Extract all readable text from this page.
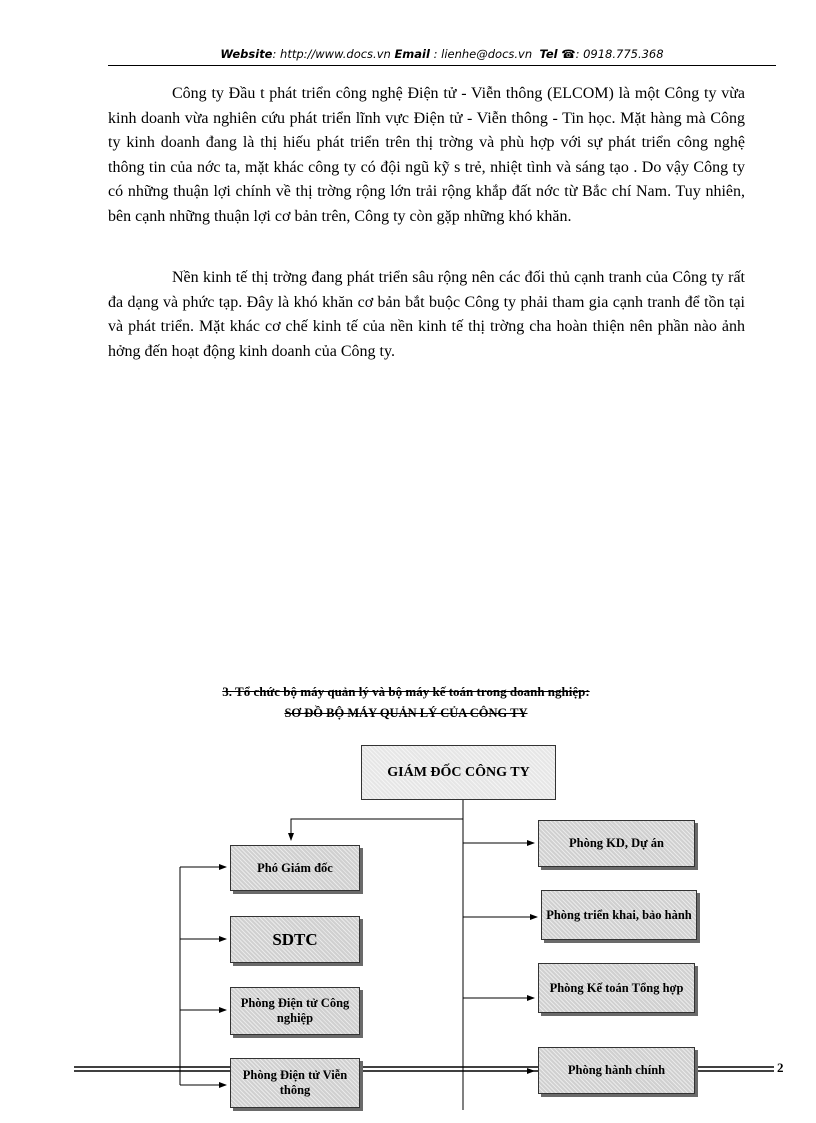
Website: http://www.docs.vn Email : lienhe@docs.vn Tel ☎: 0918.775.368

Công ty Đầu t phát triển công nghệ Điện tử - Viễn thông (ELCOM) là một Công ty vừa kinh doanh vừa nghiên cứu phát triển lĩnh vực Điện tử - Viễn thông - Tin học. Mặt hàng mà Công ty kinh doanh đang là thị hiếu phát triển trên thị trờng và phù hợp với sự phát triển công nghệ thông tin của nớc ta, mặt khác công ty có đội ngũ kỹ s trẻ, nhiệt tình và sáng tạo . Do vậy Công ty có những thuận lợi chính về thị trờng rộng lớn trải rộng khắp đất nớc từ Bắc chí Nam. Tuy nhiên, bên cạnh những thuận lợi cơ bản trên, Công ty còn gặp những khó khăn.

Nền kinh tế thị trờng đang phát triển sâu rộng nên các đối thủ cạnh tranh của Công ty rất đa dạng và phức tạp. Đây là khó khăn cơ bản bắt buộc Công ty phải tham gia cạnh tranh để tồn tại và phát triển. Mặt khác cơ chế kinh tế của nền kinh tế thị trờng cha hoàn thiện nên phần nào ảnh hởng đến hoạt động kinh doanh của Công ty.

3. Tổ chức bộ máy quản lý và bộ máy kế toán trong doanh nghiệp:
SƠ ĐỒ BỘ MÁY QUẢN LÝ CỦA CÔNG TY
GIÁM ĐỐC CÔNG TY
Phó Giám đốc
SDTC
Phòng Điện tử Công nghiệp
Phòng Điện tử Viễn thông
Phòng KD, Dự án
Phòng triển khai, bảo hành
Phòng Kế toán Tổng hợp
Phòng hành chính	2
